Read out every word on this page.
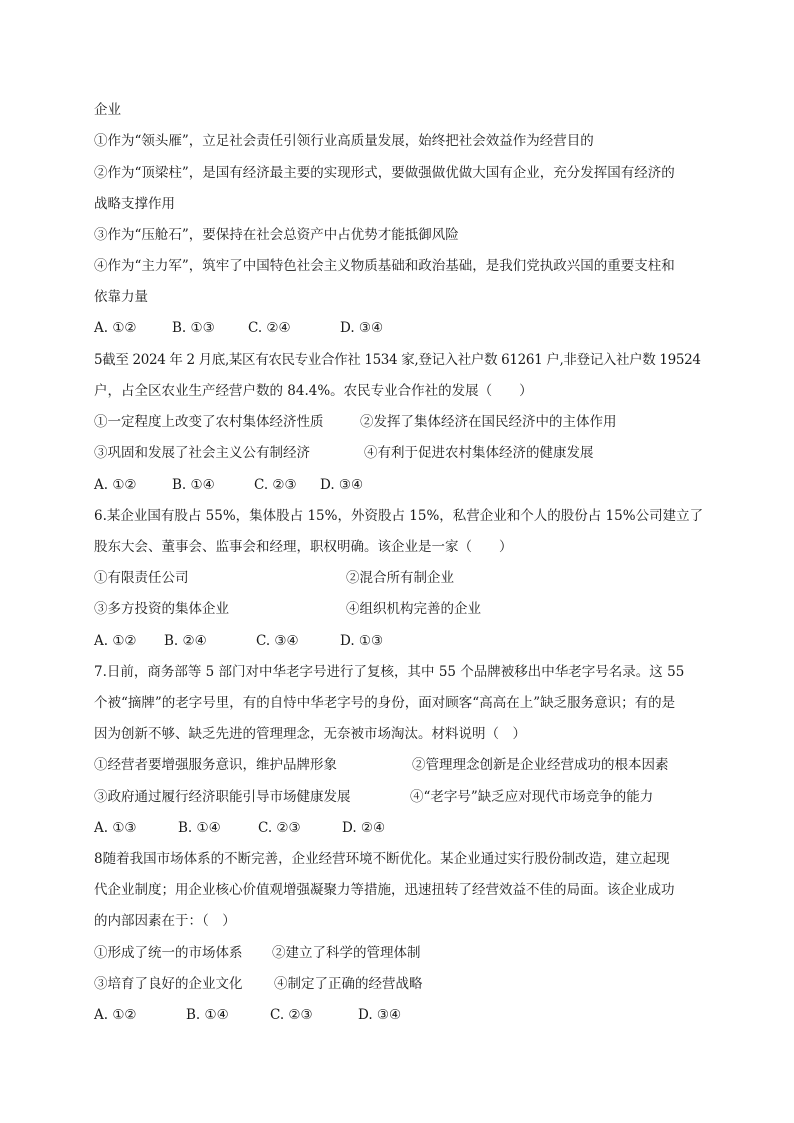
企业
①作为“领头雁”，立足社会责任引领行业高质量发展，始终把社会效益作为经营目的
②作为“顶梁柱”，是国有经济最主要的实现形式，要做强做优做大国有企业，充分发挥国有经济的
战略支撑作用
③作为“压舱石”，要保持在社会总资产中占优势才能抵御风险
④作为“主力军”，筑牢了中国特色社会主义物质基础和政治基础，是我们党执政兴国的重要支柱和
依靠力量
A. ①②	B. ①③ C. ②④	D. ③④
5截至 2024 年 2 月底,某区有农民专业合作社 1534 家,登记入社户数 61261 户,非登记入社户数 19524
户，占全区农业生产经营户数的 84.4%。农民专业合作社的发展（　　）
①一定程度上改变了农村集体经济性质	②发挥了集体经济在国民经济中的主体作用
③巩固和发展了社会主义公有制经济	④有利于促进农村集体经济的健康发展
A. ①②	B. ①④	C. ②③ D. ③④
6.某企业国有股占 55%，集体股占 15%，外资股占 15%，私营企业和个人的股份占 15%公司建立了
股东大会、董事会、监事会和经理，职权明确。该企业是一家（　　）
①有限责任公司	②混合所有制企业
③多方投资的集体企业	④组织机构完善的企业
A. ①② B. ②④	C. ③④	D. ①③
7.日前，商务部等 5 部门对中华老字号进行了复核，其中 55 个品牌被移出中华老字号名录。这 55
个被“摘牌”的老字号里，有的自恃中华老字号的身份，面对顾客“高高在上”缺乏服务意识；有的是
因为创新不够、缺乏先进的管理理念，无奈被市场淘汰。材料说明（　）
①经营者要增强服务意识，维护品牌形象	②管理理念创新是企业经营成功的根本因素
③政府通过履行经济职能引导市场健康发展	④“老字号”缺乏应对现代市场竞争的能力
A. ①③	B. ①④	C. ②③	D. ②④
8随着我国市场体系的不断完善，企业经营环境不断优化。某企业通过实行股份制改造，建立起现
代企业制度；用企业核心价值观增强凝聚力等措施，迅速扭转了经营效益不佳的局面。该企业成功
的内部因素在于：（　）
①形成了统一的市场体系 ②建立了科学的管理体制
③培育了良好的企业文化 ④制定了正确的经营战略
A. ①②	B. ①④	C. ②③	D. ③④
